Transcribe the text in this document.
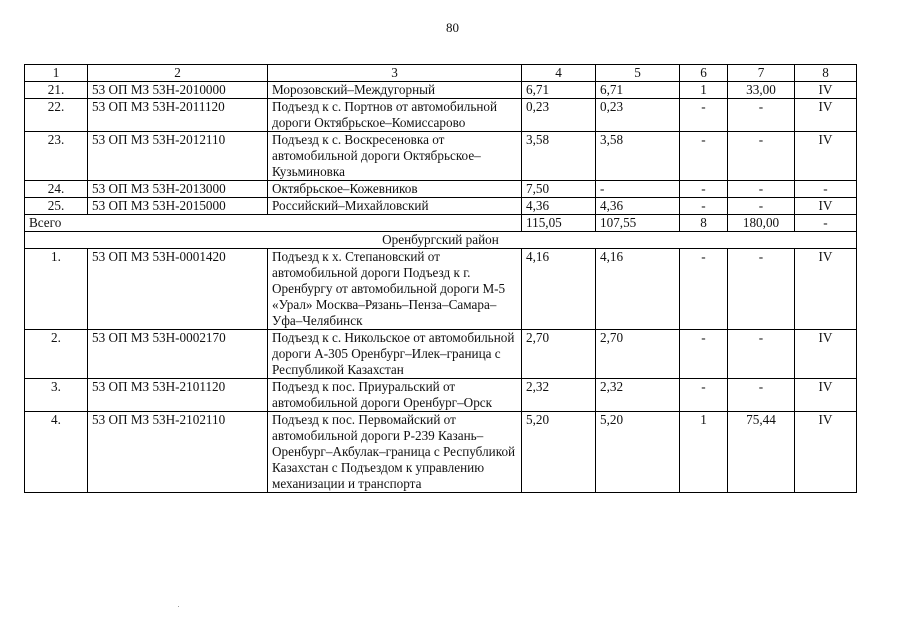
80
1	2	3	4	5	6	7	8
21.	53 ОП МЗ 53Н-2010000	Морозовский–Междугорный	6,71	6,71	1	33,00	IV
22.	53 ОП МЗ 53Н-2011120	Подъезд к с. Портнов от автомобильной дороги Октябрьское–Комиссарово	0,23	0,23	-	-	IV
23.	53 ОП МЗ 53Н-2012110	Подъезд к с. Воскресеновка от автомобильной дороги Октябрьское–Кузьминовка	3,58	3,58	-	-	IV
24.	53 ОП МЗ 53Н-2013000	Октябрьское–Кожевников	7,50	-	-	-	-
25.	53 ОП МЗ 53Н-2015000	Российский–Михайловский	4,36	4,36	-	-	IV
Всего			115,05	107,55	8	180,00	-
Оренбургский район							
1.	53 ОП МЗ 53Н-0001420	Подъезд к х. Степановский от автомобильной дороги Подъезд к г. Оренбургу от автомобильной дороги М-5 «Урал» Москва–Рязань–Пенза–Самара–Уфа–Челябинск	4,16	4,16	-	-	IV
2.	53 ОП МЗ 53Н-0002170	Подъезд к с. Никольское от автомобильной дороги А-305 Оренбург–Илек–граница с Республикой Казахстан	2,70	2,70	-	-	IV
3.	53 ОП МЗ 53Н-2101120	Подъезд к пос. Приуральский от автомобильной дороги Оренбург–Орск	2,32	2,32	-	-	IV
4.	53 ОП МЗ 53Н-2102110	Подъезд к пос. Первомайский от автомобильной дороги Р-239 Казань–Оренбург–Акбулак–граница с Республикой Казахстан с Подъездом к управлению механизации и транспорта	5,20	5,20	1	75,44	IV
